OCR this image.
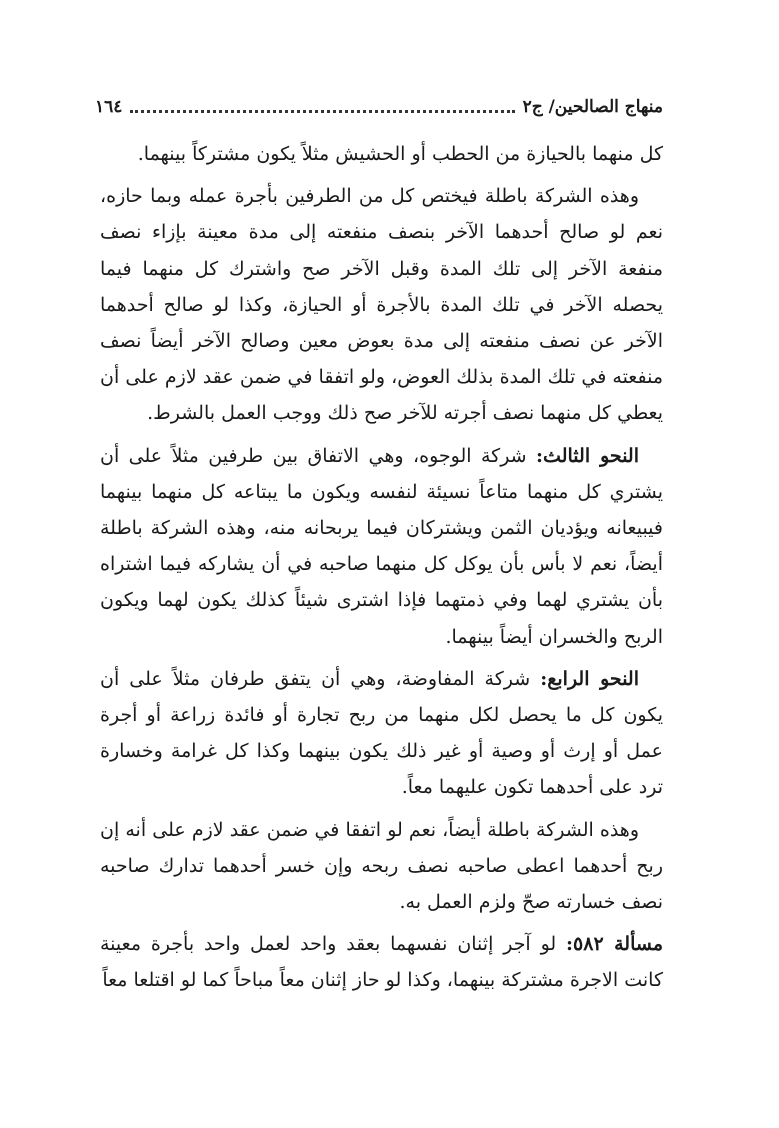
منهاج الصالحين/ ج٢
١٦٤

كل منهما بالحيازة من الحطب أو الحشيش مثلاً يكون مشتركاً بينهما.

وهذه الشركة باطلة فيختص كل من الطرفين بأجرة عمله وبما حازه، نعم لو صالح أحدهما الآخر بنصف منفعته إلى مدة معينة بإزاء نصف منفعة الآخر إلى تلك المدة وقبل الآخر صح واشترك كل منهما فيما يحصله الآخر في تلك المدة بالأجرة أو الحيازة، وكذا لو صالح أحدهما الآخر عن نصف منفعته إلى مدة بعوض معين وصالح الآخر أيضاً نصف منفعته في تلك المدة بذلك العوض، ولو اتفقا في ضمن عقد لازم على أن يعطي كل منهما نصف أجرته للآخر صح ذلك ووجب العمل بالشرط.

النحو الثالث: شركة الوجوه، وهي الاتفاق بين طرفين مثلاً على أن يشتري كل منهما متاعاً نسيئة لنفسه ويكون ما يبتاعه كل منهما بينهما فيبيعانه ويؤديان الثمن ويشتركان فيما يربحانه منه، وهذه الشركة باطلة أيضاً، نعم لا بأس بأن يوكل كل منهما صاحبه في أن يشاركه فيما اشتراه بأن يشتري لهما وفي ذمتهما فإذا اشترى شيئاً كذلك يكون لهما ويكون الربح والخسران أيضاً بينهما.

النحو الرابع: شركة المفاوضة، وهي أن يتفق طرفان مثلاً على أن يكون كل ما يحصل لكل منهما من ربح تجارة أو فائدة زراعة أو أجرة عمل أو إرث أو وصية أو غير ذلك يكون بينهما وكذا كل غرامة وخسارة ترد على أحدهما تكون عليهما معاً.

وهذه الشركة باطلة أيضاً، نعم لو اتفقا في ضمن عقد لازم على أنه إن ربح أحدهما اعطى صاحبه نصف ربحه وإن خسر أحدهما تدارك صاحبه نصف خسارته صحّ ولزم العمل به.

مسألة ٥٨٢: لو آجر إثنان نفسهما بعقد واحد لعمل واحد بأجرة معينة كانت الاجرة مشتركة بينهما، وكذا لو حاز إثنان معاً مباحاً كما لو اقتلعا معاً
